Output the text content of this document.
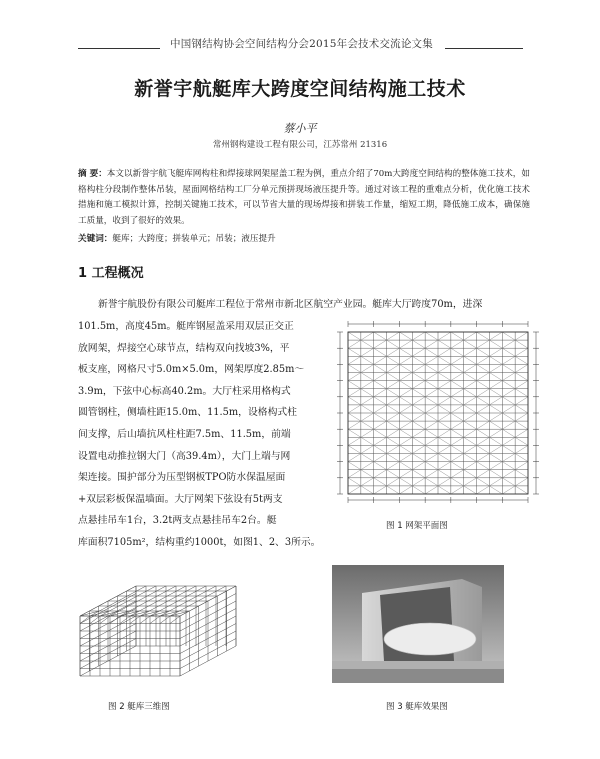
中国钢结构协会空间结构分会2015年会技术交流论文集
新誉宇航艇库大跨度空间结构施工技术
蔡小平
常州钢构建设工程有限公司，江苏常州 21316
摘 要：本文以新誉宇航飞艇库网构柱和焊接球网架屋盖工程为例，重点介绍了70m大跨度空间结构的整体施工技术，如格构柱分段制作整体吊装，屋面网格结构工厂分单元预拼现场液压提升等。通过对该工程的重难点分析，优化施工技术措施和施工模拟计算，控制关键施工技术，可以节省大量的现场焊接和拼装工作量，缩短工期，降低施工成本，确保施工质量，收到了很好的效果。
关键词：艇库；大跨度；拼装单元；吊装；液压提升
1 工程概况
新誉宇航股份有限公司艇库工程位于常州市新北区航空产业园。艇库大厅跨度70m，进深
101.5m，高度45m。艇库钢屋盖采用双层正交正
放网架，焊接空心球节点，结构双向找坡3%，平
板支座，网格尺寸5.0m×5.0m，网架厚度2.85m～
3.9m，下弦中心标高40.2m。大厅柱采用格构式
圆管钢柱，侧墙柱距15.0m、11.5m，设格构式柱
间支撑，后山墙抗风柱柱距7.5m、11.5m，前端
设置电动推拉钢大门（高39.4m），大门上端与网
架连接。围护部分为压型钢板TPO防水保温屋面
+双层彩板保温墙面。大厅网架下弦设有5t两支
点悬挂吊车1台，3.2t两支点悬挂吊车2台。艇
库面积7105m²，结构重约1000t，如图1、2、3所示。
图 1 网架平面图
图 2 艇库三维图	图 3 艇库效果图
